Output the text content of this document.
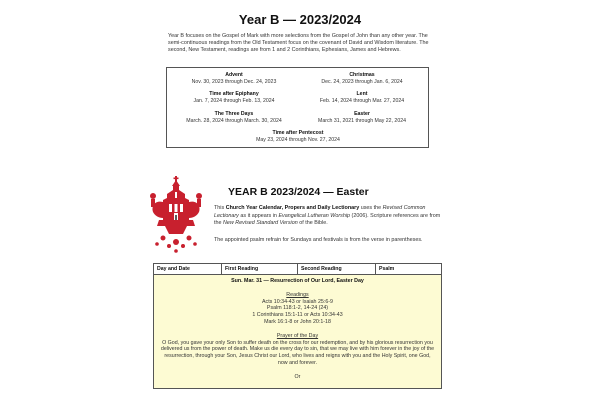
Year B — 2023/2024
Year B focuses on the Gospel of Mark with more selections from the Gospel of John than any other year. The semi-continuous readings from the Old Testament focus on the covenant of David and Wisdom literature. The second, New Testament, readings are from 1 and 2 Corinthians, Ephesians, James and Hebrews.
Advent
Nov. 30, 2023 through Dec. 24, 2023
Christmas
Dec. 24, 2023 through Jan. 6, 2024
Time after Epiphany
Jan. 7, 2024 through Feb. 13, 2024
Lent
Feb. 14, 2024 through Mar. 27, 2024
The Three Days
March. 28, 2024 through March. 30, 2024
Easter
March 31, 2021 through May 22, 2024
Time after Pentecost
May 23, 2024 through Nov. 27, 2024
YEAR B 2023/2024 — Easter
This Church Year Calendar, Propers and Daily Lectionary uses the Revised Common Lectionary as it appears in Evangelical Lutheran Worship (2006). Scripture references are from the New Revised Standard Version of the Bible.
The appointed psalm refrain for Sundays and festivals is from the verse in parentheses.
Day and Date	First Reading	Second Reading	Psalm
Sun. Mar. 31 — Resurrection of Our Lord, Easter Day
Readings
Acts 10:34-43 or Isaiah 25:6-9
Psalm 118:1-2, 14-24 (24)
1 Corinthians 15:1-11 or Acts 10:34-43
Mark 16:1-8 or John 20:1-18
Prayer of the Day
O God, you gave your only Son to suffer death on the cross for our redemption, and by his glorious resurrection you delivered us from the power of death. Make us die every day to sin, that we may live with him forever in the joy of the resurrection, through your Son, Jesus Christ our Lord, who lives and reigns with you and the Holy Spirit, one God, now and forever.
Or
